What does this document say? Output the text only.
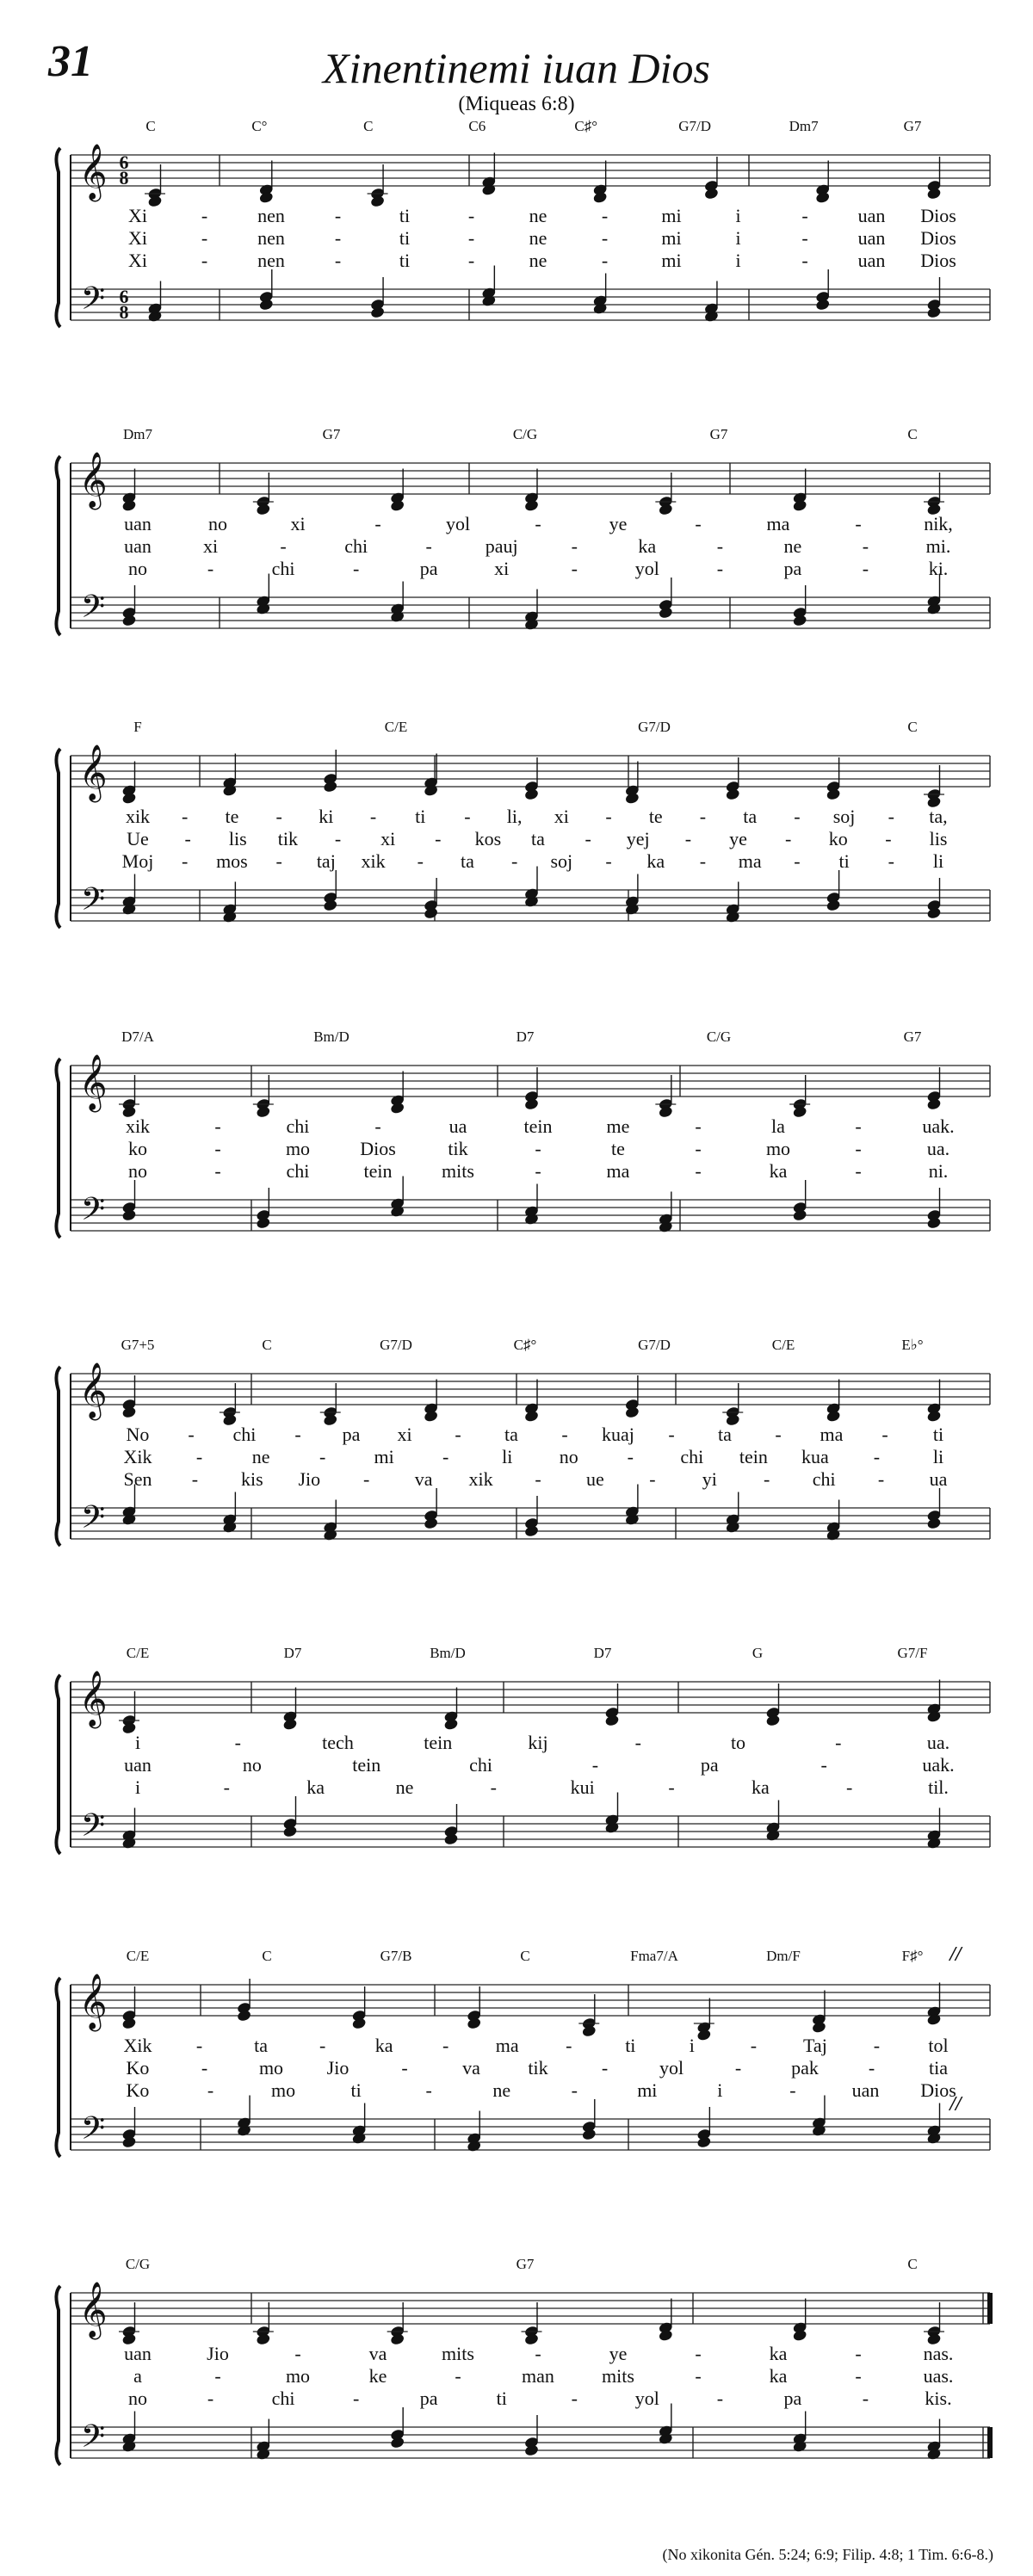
31	Xinentinemi iuan Dios
(Miqueas 6:8)
𝄞
𝄢
6
6
8
8
C	C°	C	C6	C♯°	G7/D	Dm7	G7
Xi	-	nen	-	ti	-	ne	-	mi	i	-	uan Dios
Xi	-	nen	-	ti	-	ne	-	mi	i	-	uan Dios
Xi	-	nen	-	ti	-	ne	-	mi	i	-	uan Dios
𝄞
𝄢
Dm7	G7	C/G	G7	C
uan	no	xi	-	yol	-	ye	-	ma	-	nik,
uan	xi	-	chi	-	pauj	-	ka	-	ne	-	mi.
no	-	chi	-	pa	xi	-	yol	-	pa	-	ki.
𝄞
𝄢
F	C/E	G7/D	C
xik - te - ki - ti - li, xi - te - ta - soj - ta,
Ue - lis tik - xi - kos ta - yej - ye - ko - lis
Moj - mos - taj xik - ta - soj - ka - ma - ti - li
𝄞
𝄢
D7/A	Bm/D	D7	C/G	G7
xik	-	chi	-	ua	tein	me	-	la	-	uak.
ko	-	mo	Dios	tik	-	te	-	mo	-	ua.
no	-	chi	tein	mits	-	ma	-	ka	-	ni.
𝄞
𝄢
G7+5	C	G7/D	C♯°	G7/D	C/E	E♭°
No - chi - pa xi - ta - kuaj - ta - ma - ti
Xik -	ne	-	mi	-	li no	- chi tein kua -	li
Sen - kis Jio - va xik - ue - yi - chi - ua
𝄞
𝄢
C/E	D7	Bm/D	D7	G	G7/F
i	-	tech	tein	kij	-	to	-	ua.
uan	no	tein	chi	-	pa	-	uak.
i	-	ka	ne	-	kui	-	ka	-	til.
𝄞
𝄢
C/E	C	G7/B	C	Fma7/A	Dm/F	F♯° //
//
Xik -	ta	-	ka	- ma -	ti	i	- Taj -	tol
Ko	-	mo Jio	-	va	tik	-	yol	-	pak	-	tia
Ko	-	mo	ti	-	ne	-	mi	i	-	uan Dios
𝄞
𝄢
C/G	G7	C
uan	Jio	-	va	mits	-	ye	-	ka	-	nas.
a	-	mo	ke	-	man	mits	-	ka	-	uas.
no	-	chi	-	pa	ti	-	yol	-	pa	-	kis.
(No xikonita Gén. 5:24; 6:9; Filip. 4:8; 1 Tim. 6:6-8.)
